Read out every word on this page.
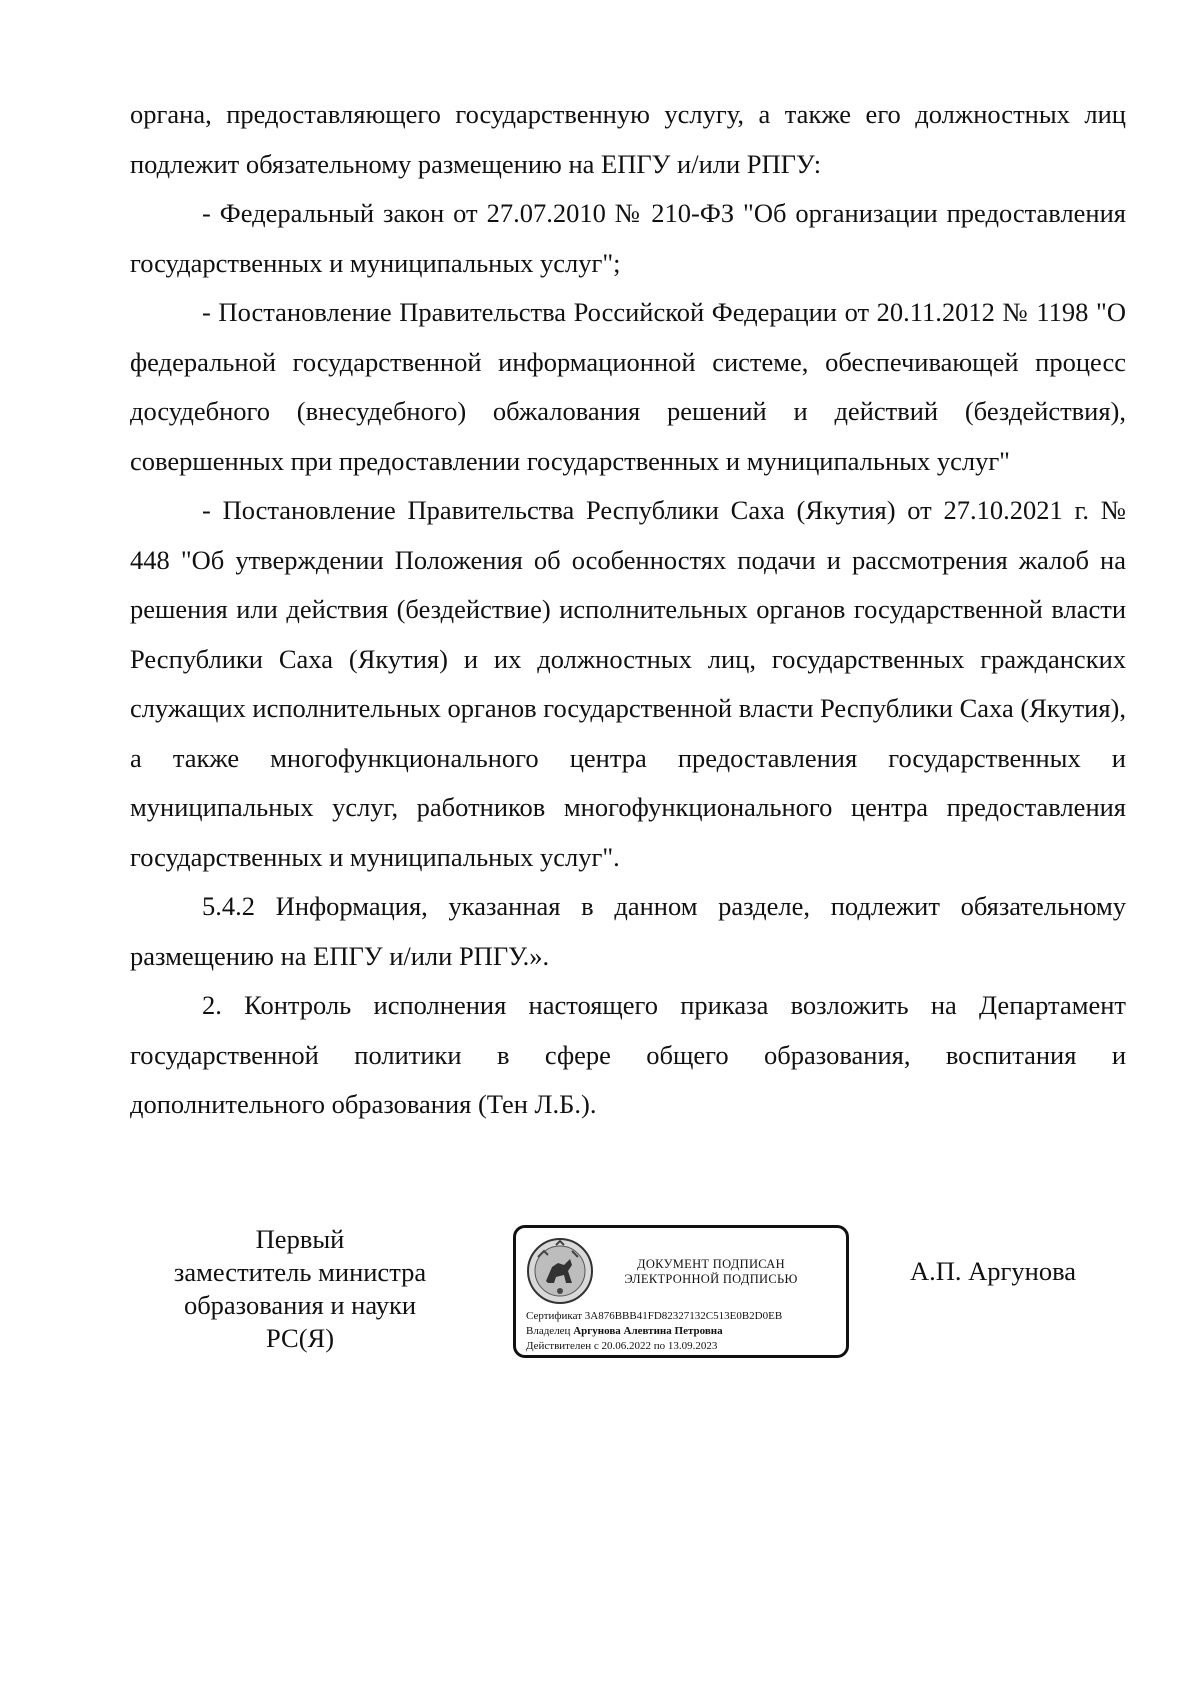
органа, предоставляющего государственную услугу, а также его должностных лиц подлежит обязательному размещению на ЕПГУ и/или РПГУ:

- Федеральный закон от 27.07.2010 № 210-ФЗ "Об организации предоставления государственных и муниципальных услуг";

- Постановление Правительства Российской Федерации от 20.11.2012 № 1198 "О федеральной государственной информационной системе, обеспечивающей процесс досудебного (внесудебного) обжалования решений и действий (бездействия), совершенных при предоставлении государственных и муниципальных услуг"

- Постановление Правительства Республики Саха (Якутия) от 27.10.2021 г. № 448 "Об утверждении Положения об особенностях подачи и рассмотрения жалоб на решения или действия (бездействие) исполнительных органов государственной власти Республики Саха (Якутия) и их должностных лиц, государственных гражданских служащих исполнительных органов государственной власти Республики Саха (Якутия), а также многофункционального центра предоставления государственных и муниципальных услуг, работников многофункционального центра предоставления государственных и муниципальных услуг".

5.4.2 Информация, указанная в данном разделе, подлежит обязательному размещению на ЕПГУ и/или РПГУ.».

2. Контроль исполнения настоящего приказа возложить на Департамент государственной политики в сфере общего образования, воспитания и дополнительного образования (Тен Л.Б.).

Первый
заместитель министра
образования и науки
РС(Я)
ДОКУМЕНТ ПОДПИСАН
ЭЛЕКТРОННОЙ ПОДПИСЬЮ
Сертификат 3A876BBB41FD82327132C513E0B2D0EB
Владелец Аргунова Алевтина Петровна
Действителен с 20.06.2022 по 13.09.2023
А.П. Аргунова
